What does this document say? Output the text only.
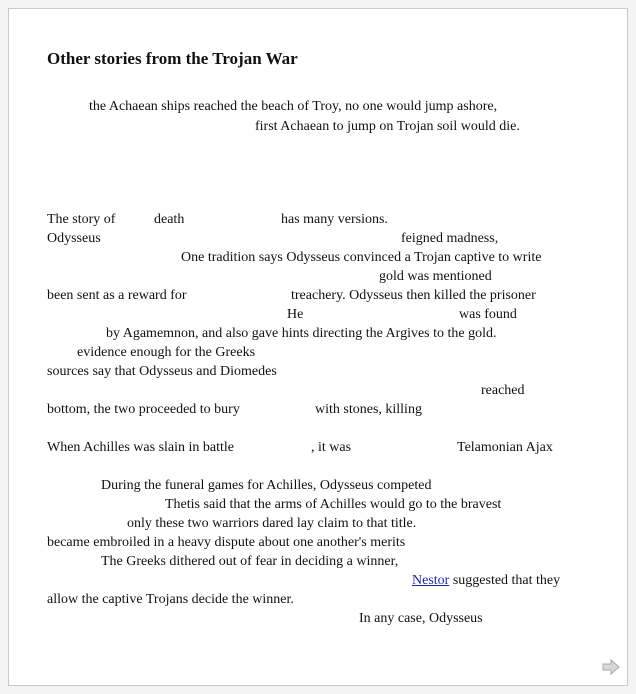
Other stories from the Trojan War
the Achaean ships reached the beach of Troy, no one would jump ashore,
first Achaean to jump on Trojan soil would die.
The story of	death	has many versions.
Odysseus	feigned madness,
One tradition says Odysseus convinced a Trojan captive to write
gold was mentioned
been sent as a reward for	treachery. Odysseus then killed the prisoner
He	was found
by Agamemnon, and also gave hints directing the Argives to the gold.
evidence enough for the Greeks
sources say that Odysseus and Diomedes
reached
bottom, the two proceeded to bury	with stones, killing
When Achilles was slain in battle	, it was	Telamonian Ajax
During the funeral games for Achilles, Odysseus competed
Thetis said that the arms of Achilles would go to the bravest
only these two warriors dared lay claim to that title.
became embroiled in a heavy dispute about one another's merits
The Greeks dithered out of fear in deciding a winner,
Nestor suggested that they
allow the captive Trojans decide the winner.
In any case, Odysseus
